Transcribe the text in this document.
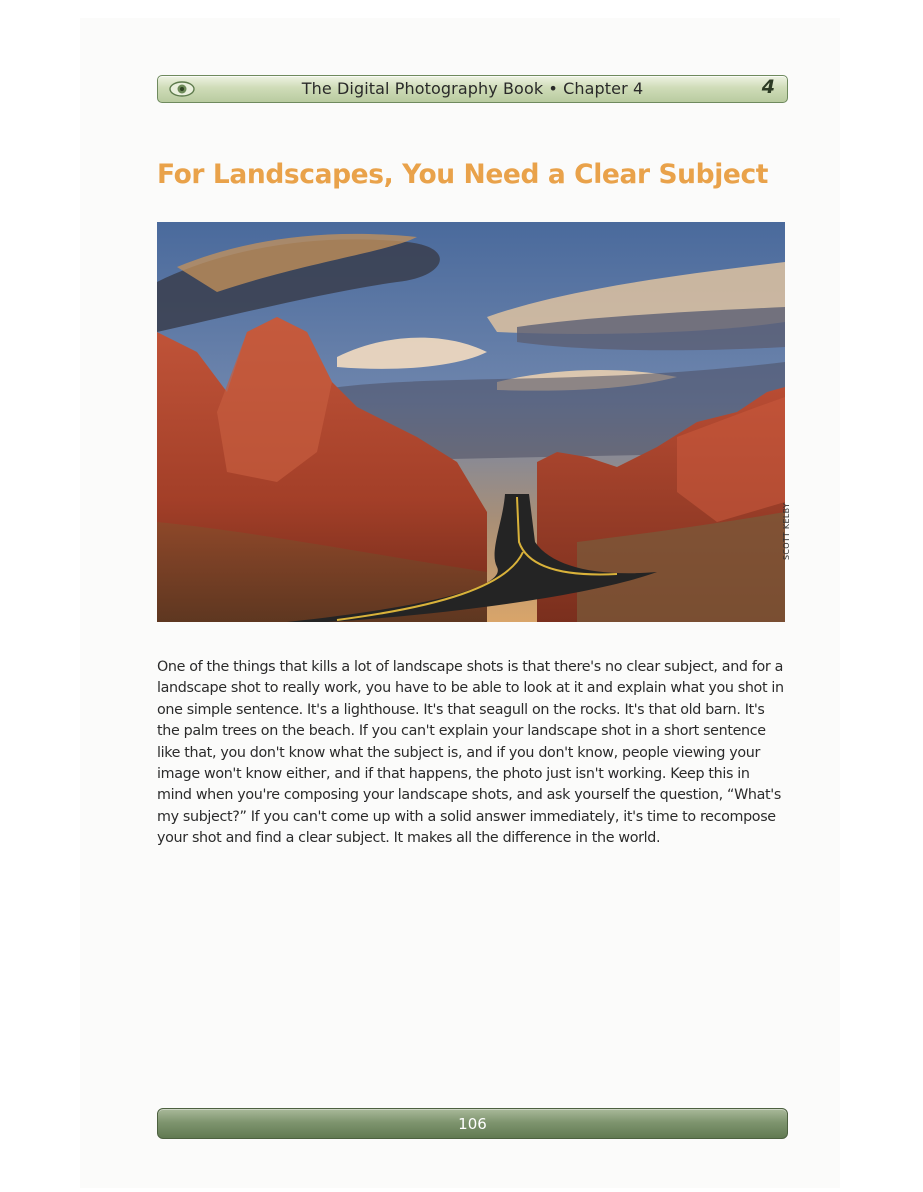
The Digital Photography Book • Chapter 4	4
For Landscapes, You Need a Clear Subject
SCOTT KELBY

One of the things that kills a lot of landscape shots is that there's no clear subject, and for a landscape shot to really work, you have to be able to look at it and explain what you shot in one simple sentence. It's a lighthouse. It's that seagull on the rocks. It's that old barn. It's the palm trees on the beach. If you can't explain your landscape shot in a short sentence like that, you don't know what the subject is, and if you don't know, people viewing your image won't know either, and if that happens, the photo just isn't working. Keep this in mind when you're composing your landscape shots, and ask yourself the question, “What's my subject?” If you can't come up with a solid answer immediately, it's time to recompose your shot and find a clear subject. It makes all the difference in the world.

106
